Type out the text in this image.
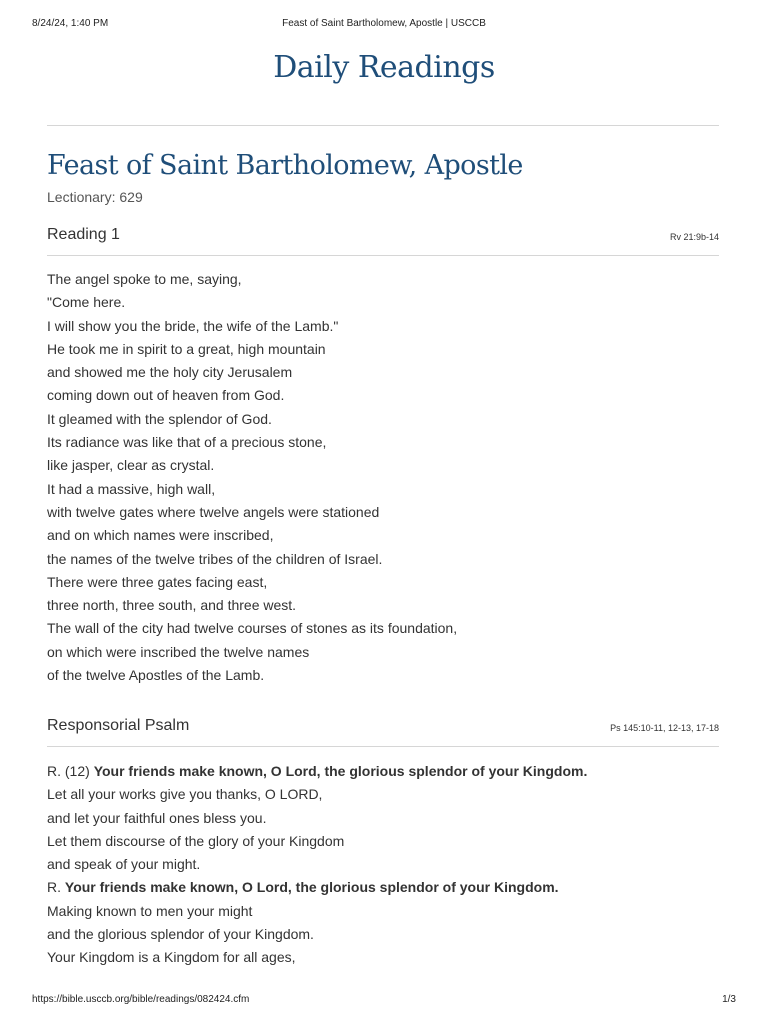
8/24/24, 1:40 PM	Feast of Saint Bartholomew, Apostle | USCCB
Daily Readings
Feast of Saint Bartholomew, Apostle
Lectionary: 629
Reading 1	Rv 21:9b-14
The angel spoke to me, saying,
"Come here.
I will show you the bride, the wife of the Lamb."
He took me in spirit to a great, high mountain
and showed me the holy city Jerusalem
coming down out of heaven from God.
It gleamed with the splendor of God.
Its radiance was like that of a precious stone,
like jasper, clear as crystal.
It had a massive, high wall,
with twelve gates where twelve angels were stationed
and on which names were inscribed,
the names of the twelve tribes of the children of Israel.
There were three gates facing east,
three north, three south, and three west.
The wall of the city had twelve courses of stones as its foundation,
on which were inscribed the twelve names
of the twelve Apostles of the Lamb.
Responsorial Psalm	Ps 145:10-11, 12-13, 17-18
R. (12) Your friends make known, O Lord, the glorious splendor of your Kingdom.
Let all your works give you thanks, O LORD,
and let your faithful ones bless you.
Let them discourse of the glory of your Kingdom
and speak of your might.
R. Your friends make known, O Lord, the glorious splendor of your Kingdom.
Making known to men your might
and the glorious splendor of your Kingdom.
Your Kingdom is a Kingdom for all ages,
https://bible.usccb.org/bible/readings/082424.cfm	1/3
